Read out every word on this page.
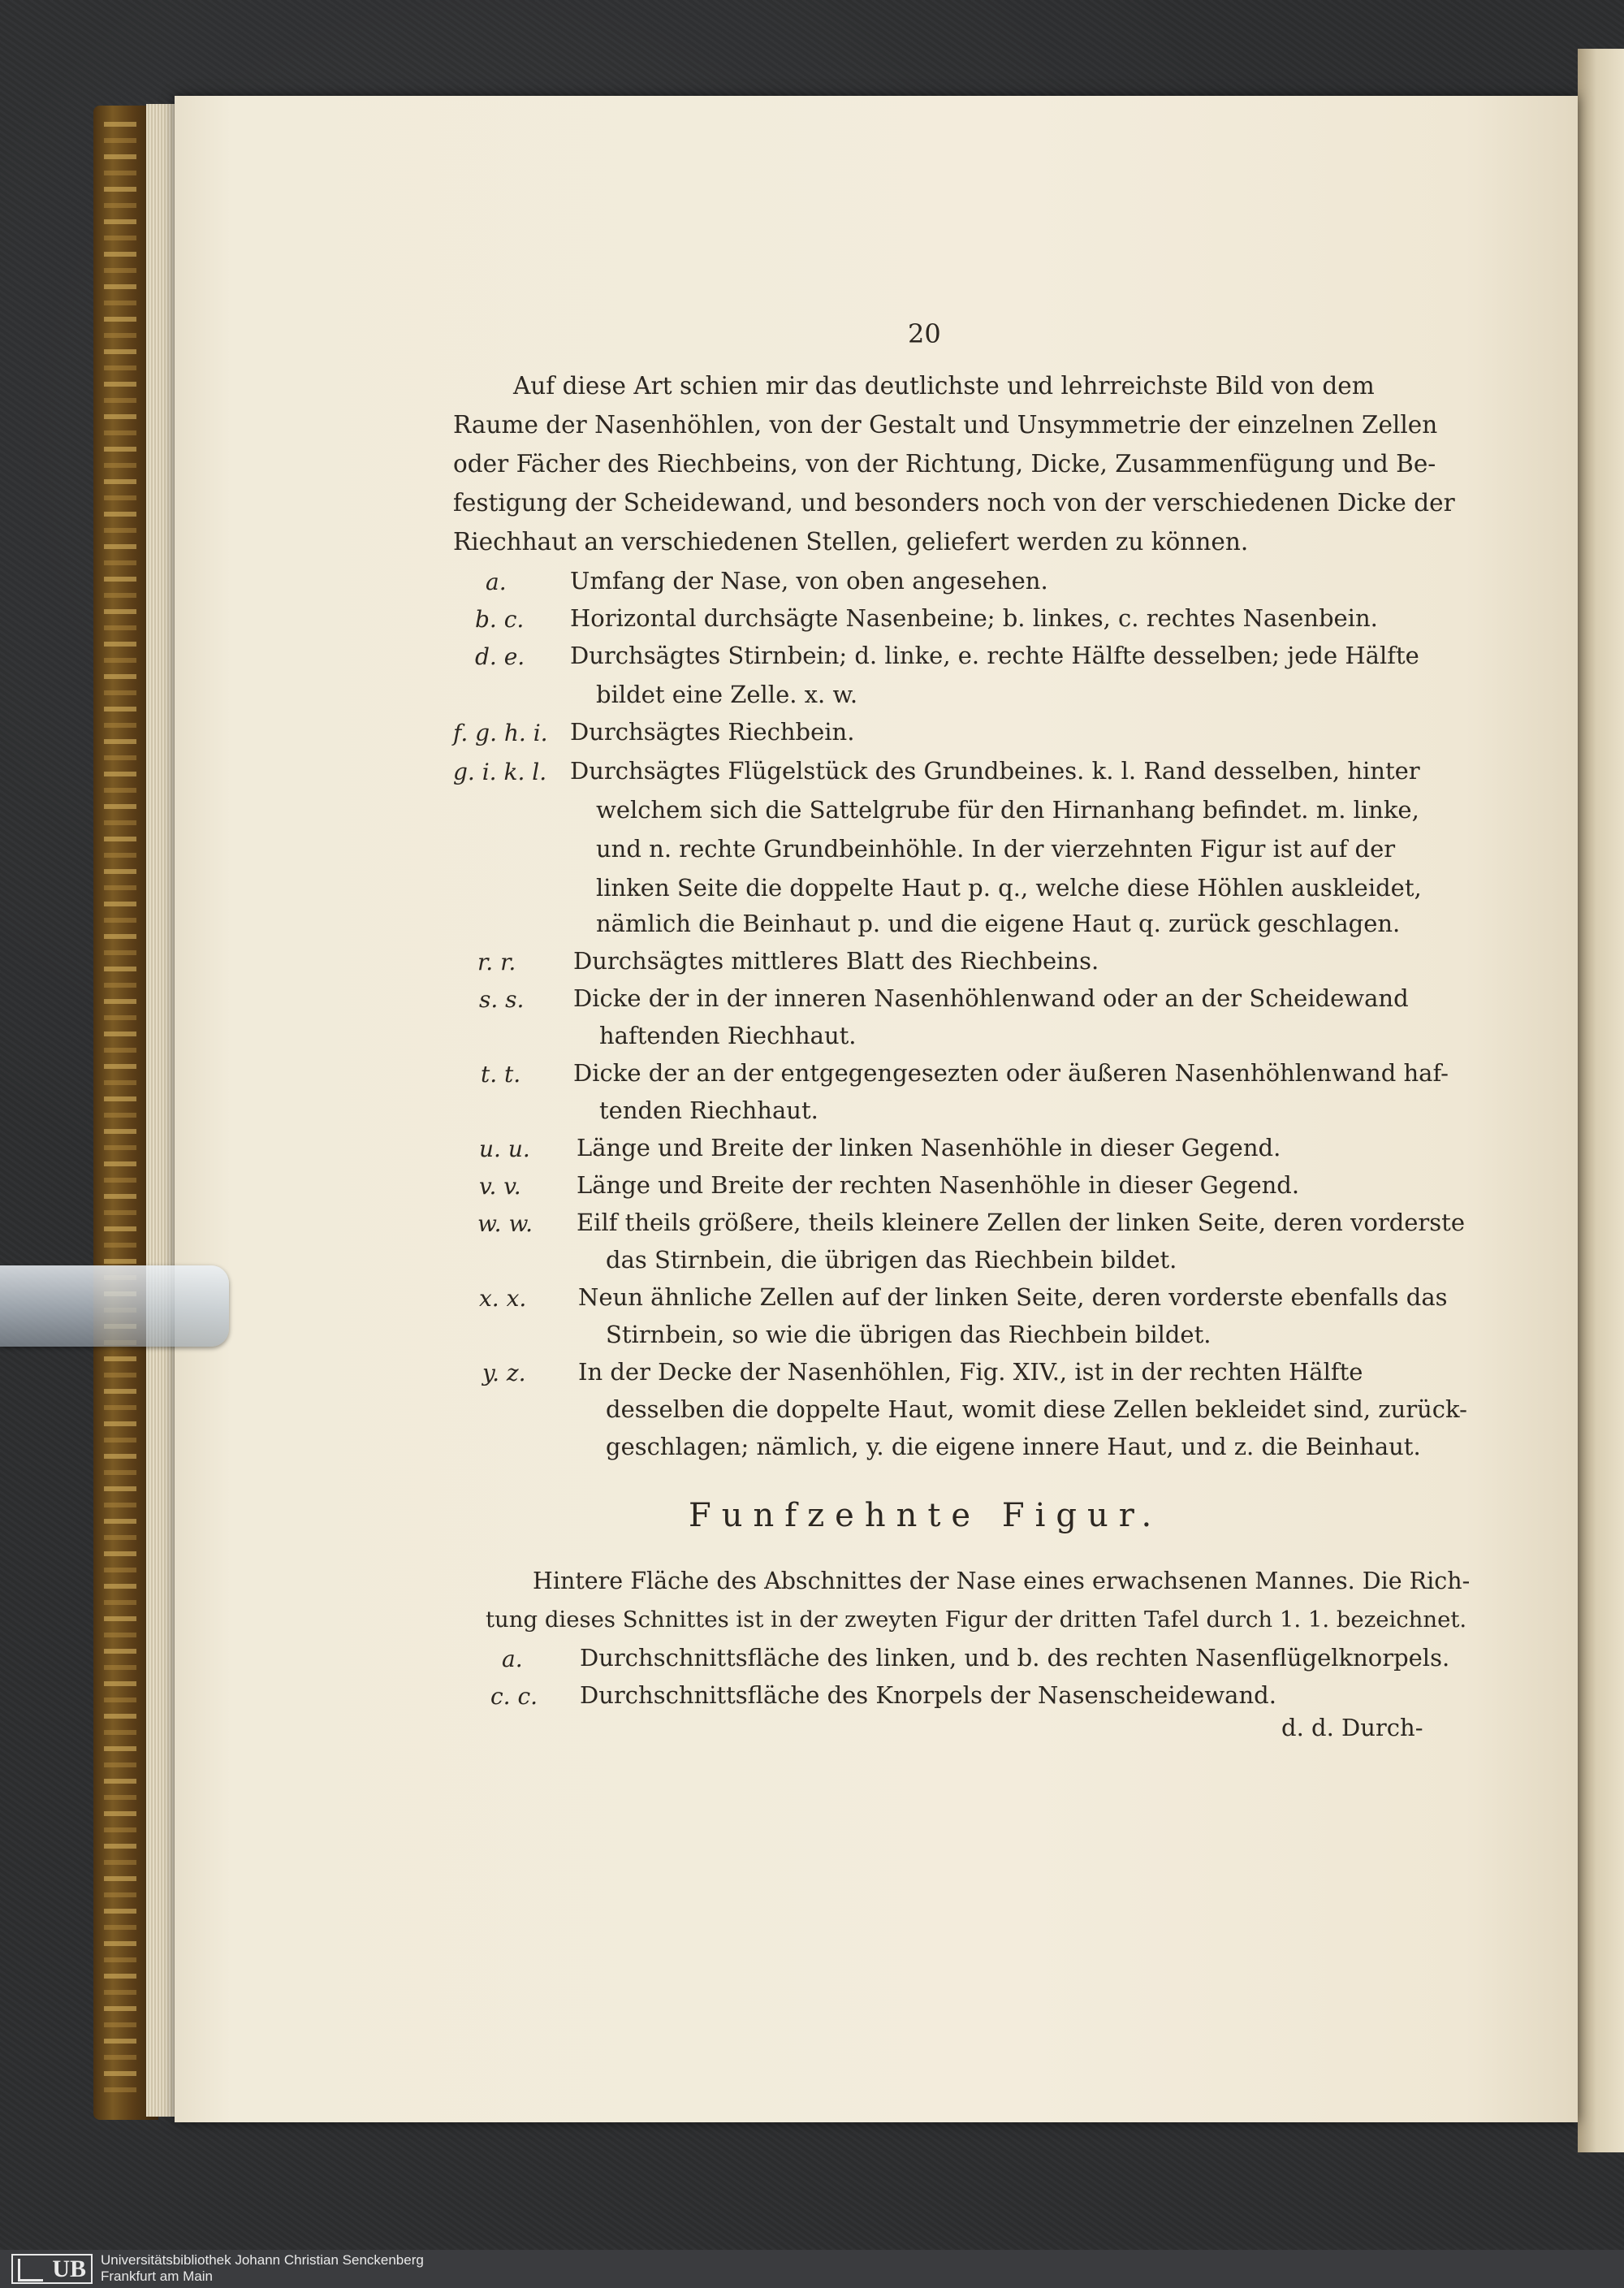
20
Auf diese Art schien mir das deutlichste und lehrreichste Bild von dem
Raume der Nasenhöhlen, von der Gestalt und Unsymmetrie der einzelnen Zellen
oder Fächer des Riechbeins, von der Richtung, Dicke, Zusammenfügung und Be-
festigung der Scheidewand, und besonders noch von der verschiedenen Dicke der
Riechhaut an verschiedenen Stellen, geliefert werden zu können.
a.	Umfang der Nase, von oben angesehen.
b. c. Horizontal durchsägte Nasenbeine; b. linkes, c. rechtes Nasenbein.
d. e. Durchsägtes Stirnbein; d. linke, e. rechte Hälfte desselben; jede Hälfte
bildet eine Zelle. x. w.
f. g. h. i. Durchsägtes Riechbein.
g. i. k. l. Durchsägtes Flügelstück des Grundbeines. k. l. Rand desselben, hinter
welchem sich die Sattelgrube für den Hirnanhang befindet. m. linke,
und n. rechte Grundbeinhöhle. In der vierzehnten Figur ist auf der
linken Seite die doppelte Haut p. q., welche diese Höhlen auskleidet,
nämlich die Beinhaut p. und die eigene Haut q. zurück geschlagen.
r. r. Durchsägtes mittleres Blatt des Riechbeins.
s. s. Dicke der in der inneren Nasenhöhlenwand oder an der Scheidewand
haftenden Riechhaut.
t. t. Dicke der an der entgegengesezten oder äußeren Nasenhöhlenwand haf-
tenden Riechhaut.
u. u. Länge und Breite der linken Nasenhöhle in dieser Gegend.
v. v. Länge und Breite der rechten Nasenhöhle in dieser Gegend.
w. w. Eilf theils größere, theils kleinere Zellen der linken Seite, deren vorderste
das Stirnbein, die übrigen das Riechbein bildet.
x. x. Neun ähnliche Zellen auf der linken Seite, deren vorderste ebenfalls das
Stirnbein, so wie die übrigen das Riechbein bildet.
y. z. In der Decke der Nasenhöhlen, Fig. XIV., ist in der rechten Hälfte
desselben die doppelte Haut, womit diese Zellen bekleidet sind, zurück-
geschlagen; nämlich, y. die eigene innere Haut, und z. die Beinhaut.
Funfzehnte Figur.
Hintere Fläche des Abschnittes der Nase eines erwachsenen Mannes. Die Rich-
tung dieses Schnittes ist in der zweyten Figur der dritten Tafel durch 1. 1. bezeichnet.
a. Durchschnittsfläche des linken, und b. des rechten Nasenflügelknorpels.
c. c. Durchschnittsfläche des Knorpels der Nasenscheidewand.
d. d. Durch-
UB	Universitätsbibliothek Johann Christian Senckenberg
Frankfurt am Main
